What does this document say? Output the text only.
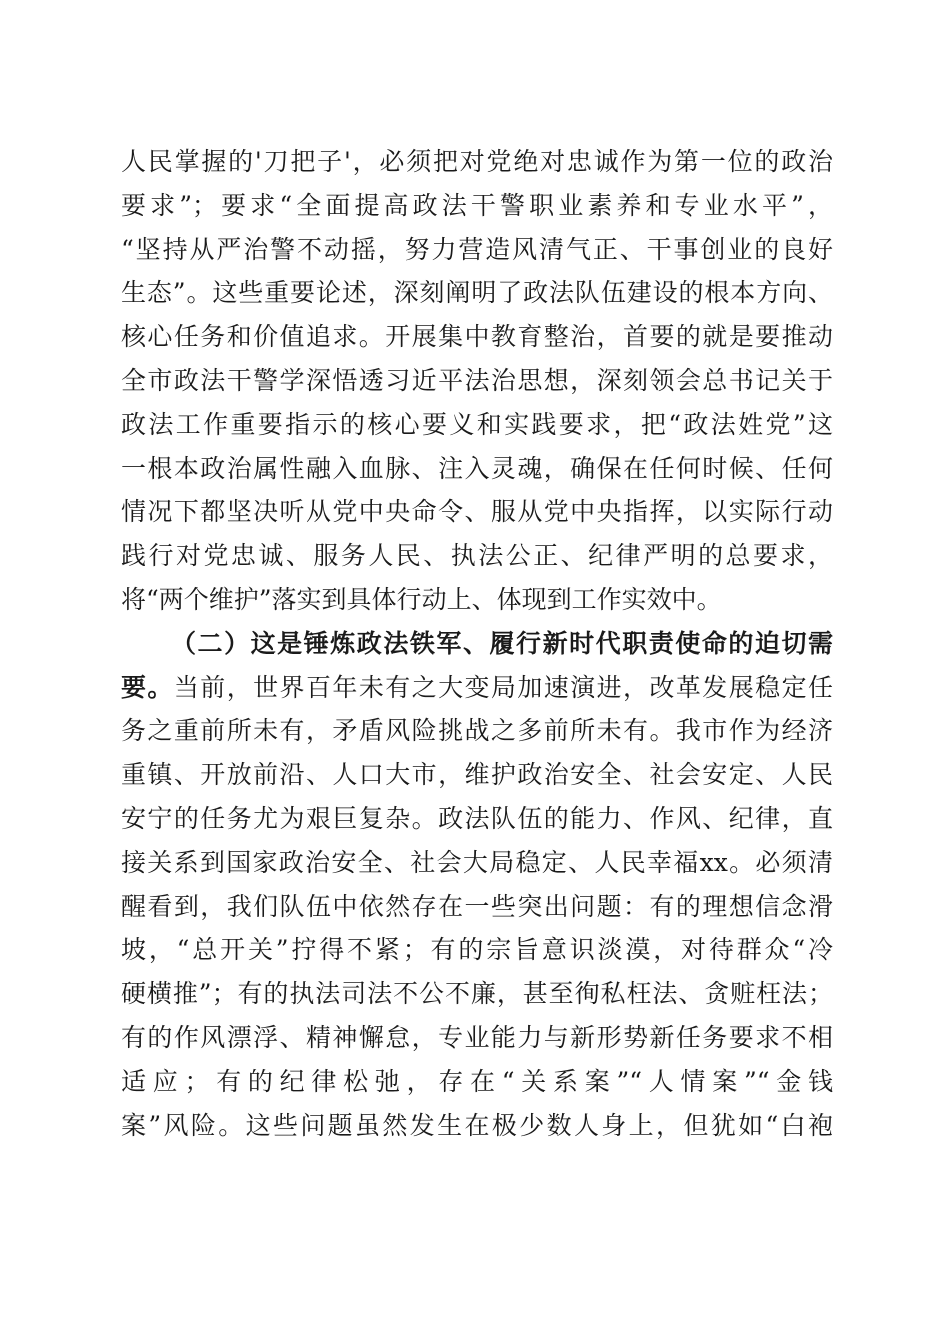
人民掌握的'刀把子'，必须把对党绝对忠诚作为第一位的政治
要求”；要求“全面提高政法干警职业素养和专业水平”，
“坚持从严治警不动摇，努力营造风清气正、干事创业的良好
生态”。这些重要论述，深刻阐明了政法队伍建设的根本方向、
核心任务和价值追求。开展集中教育整治，首要的就是要推动
全市政法干警学深悟透习近平法治思想，深刻领会总书记关于
政法工作重要指示的核心要义和实践要求，把“政法姓党”这
一根本政治属性融入血脉、注入灵魂，确保在任何时候、任何
情况下都坚决听从党中央命令、服从党中央指挥，以实际行动
践行对党忠诚、服务人民、执法公正、纪律严明的总要求，
将“两个维护”落实到具体行动上、体现到工作实效中。
（二）这是锤炼政法铁军、履行新时代职责使命的迫切需
要。当前，世界百年未有之大变局加速演进，改革发展稳定任
务之重前所未有，矛盾风险挑战之多前所未有。我市作为经济
重镇、开放前沿、人口大市，维护政治安全、社会安定、人民
安宁的任务尤为艰巨复杂。政法队伍的能力、作风、纪律，直
接关系到国家政治安全、社会大局稳定、人民幸福xx。必须清
醒看到，我们队伍中依然存在一些突出问题：有的理想信念滑
坡，“总开关”拧得不紧；有的宗旨意识淡漠，对待群众“冷
硬横推”；有的执法司法不公不廉，甚至徇私枉法、贪赃枉法；
有的作风漂浮、精神懈怠，专业能力与新形势新任务要求不相
适应；有的纪律松弛，存在“关系案”“人情案”“金钱
案”风险。这些问题虽然发生在极少数人身上，但犹如“白袍
